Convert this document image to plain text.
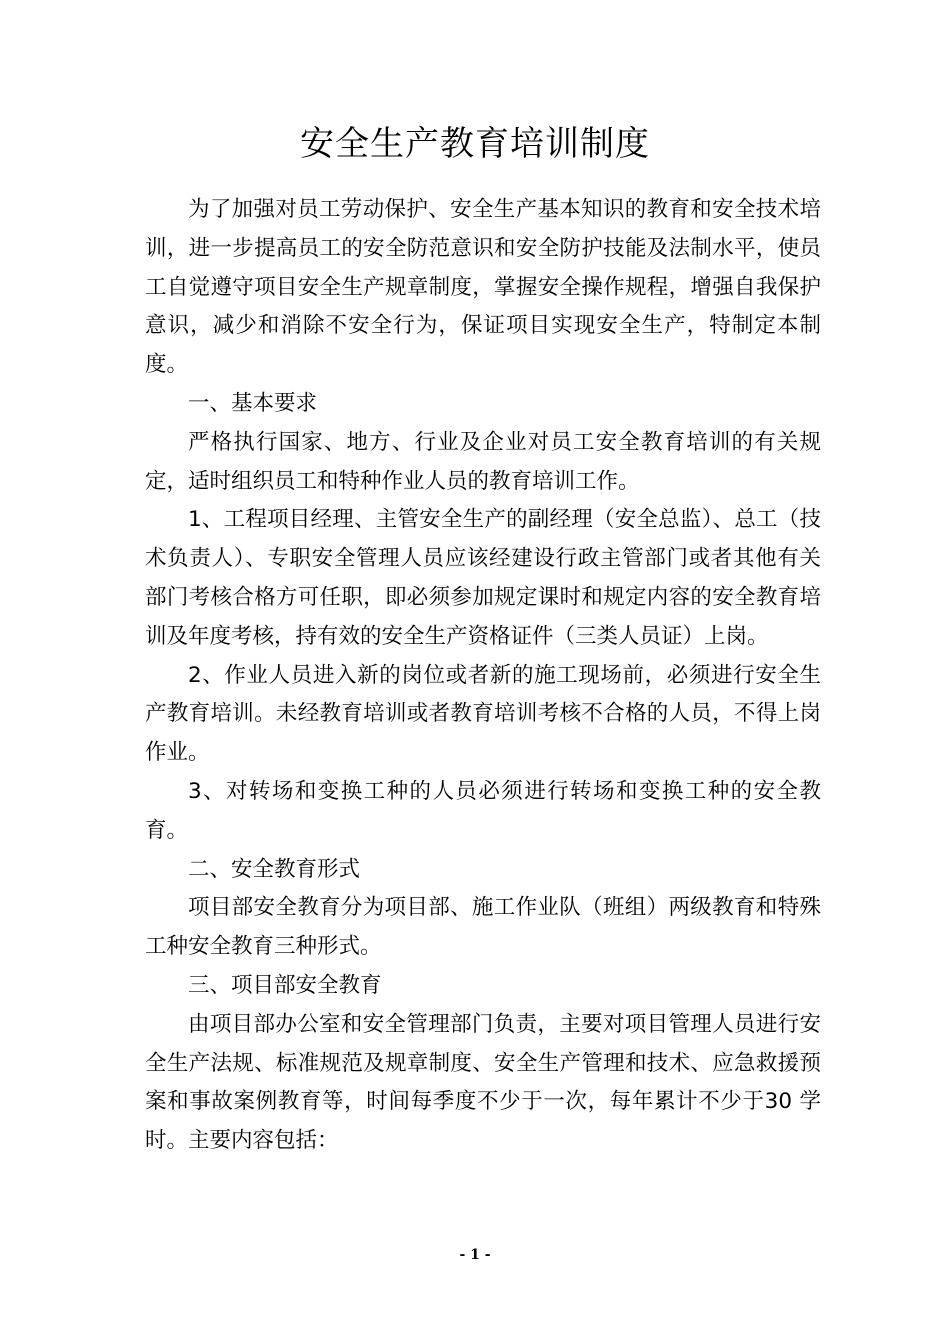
安全生产教育培训制度

为了加强对员工劳动保护、安全生产基本知识的教育和安全技术培训，进一步提高员工的安全防范意识和安全防护技能及法制水平，使员工自觉遵守项目安全生产规章制度，掌握安全操作规程，增强自我保护意识，减少和消除不安全行为，保证项目实现安全生产，特制定本制度。

一、基本要求

严格执行国家、地方、行业及企业对员工安全教育培训的有关规定，适时组织员工和特种作业人员的教育培训工作。

1、工程项目经理、主管安全生产的副经理（安全总监）、总工（技术负责人）、专职安全管理人员应该经建设行政主管部门或者其他有关部门考核合格方可任职，即必须参加规定课时和规定内容的安全教育培训及年度考核，持有效的安全生产资格证件（三类人员证）上岗。

2、作业人员进入新的岗位或者新的施工现场前，必须进行安全生产教育培训。未经教育培训或者教育培训考核不合格的人员，不得上岗作业。

3、对转场和变换工种的人员必须进行转场和变换工种的安全教育。

二、安全教育形式

项目部安全教育分为项目部、施工作业队（班组）两级教育和特殊工种安全教育三种形式。

三、项目部安全教育

由项目部办公室和安全管理部门负责，主要对项目管理人员进行安全生产法规、标准规范及规章制度、安全生产管理和技术、应急救援预案和事故案例教育等，时间每季度不少于一次，每年累计不少于30 学时。主要内容包括：

- 1 -
